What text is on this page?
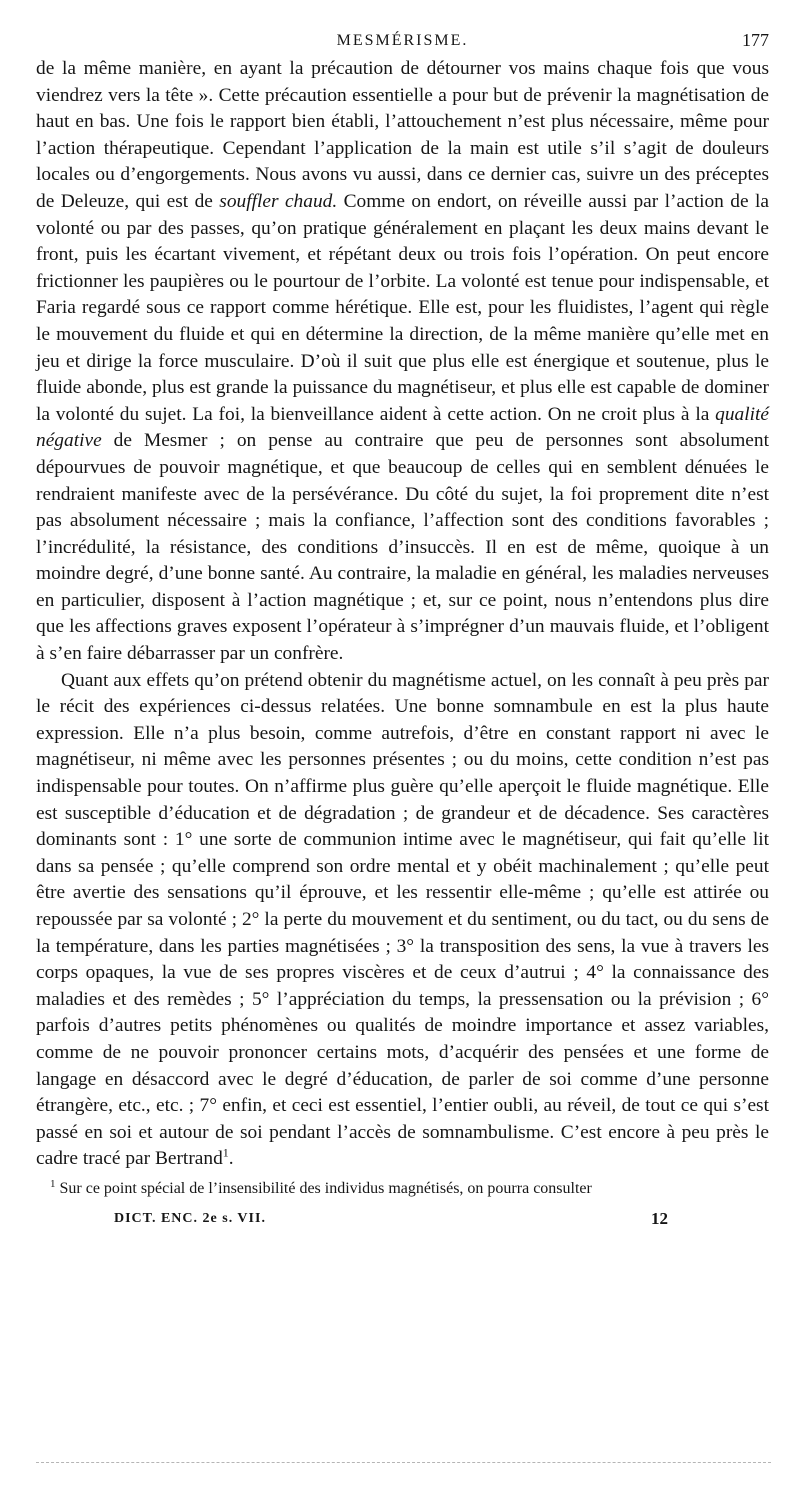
MESMÉRISME.	177

de la même manière, en ayant la précaution de détourner vos mains chaque fois que vous viendrez vers la tête ». Cette précaution essentielle a pour but de prévenir la magnétisation de haut en bas. Une fois le rapport bien établi, l’attouchement n’est plus nécessaire, même pour l’action thérapeutique. Cependant l’application de la main est utile s’il s’agit de douleurs locales ou d’engorgements. Nous avons vu aussi, dans ce dernier cas, suivre un des préceptes de Deleuze, qui est de souffler chaud. Comme on endort, on réveille aussi par l’action de la volonté ou par des passes, qu’on pratique généralement en plaçant les deux mains devant le front, puis les écartant vivement, et répétant deux ou trois fois l’opération. On peut encore frictionner les paupières ou le pourtour de l’orbite. La volonté est tenue pour indispensable, et Faria regardé sous ce rapport comme hérétique. Elle est, pour les fluidistes, l’agent qui règle le mouvement du fluide et qui en détermine la direction, de la même manière qu’elle met en jeu et dirige la force musculaire. D’où il suit que plus elle est énergique et soutenue, plus le fluide abonde, plus est grande la puissance du magnétiseur, et plus elle est capable de dominer la volonté du sujet. La foi, la bienveillance aident à cette action. On ne croit plus à la qualité négative de Mesmer ; on pense au contraire que peu de personnes sont absolument dépourvues de pouvoir magnétique, et que beaucoup de celles qui en semblent dénuées le rendraient manifeste avec de la persévérance. Du côté du sujet, la foi proprement dite n’est pas absolument nécessaire ; mais la confiance, l’affection sont des conditions favorables ; l’incrédulité, la résistance, des conditions d’insuccès. Il en est de même, quoique à un moindre degré, d’une bonne santé. Au contraire, la maladie en général, les maladies nerveuses en particulier, disposent à l’action magnétique ; et, sur ce point, nous n’entendons plus dire que les affections graves exposent l’opérateur à s’imprégner d’un mauvais fluide, et l’obligent à s’en faire débarrasser par un confrère.

Quant aux effets qu’on prétend obtenir du magnétisme actuel, on les connaît à peu près par le récit des expériences ci-dessus relatées. Une bonne somnambule en est la plus haute expression. Elle n’a plus besoin, comme autrefois, d’être en constant rapport ni avec le magnétiseur, ni même avec les personnes présentes ; ou du moins, cette condition n’est pas indispensable pour toutes. On n’affirme plus guère qu’elle aperçoit le fluide magnétique. Elle est susceptible d’éducation et de dégradation ; de grandeur et de décadence. Ses caractères dominants sont : 1° une sorte de communion intime avec le magnétiseur, qui fait qu’elle lit dans sa pensée ; qu’elle comprend son ordre mental et y obéit machinalement ; qu’elle peut être avertie des sensations qu’il éprouve, et les ressentir elle-même ; qu’elle est attirée ou repoussée par sa volonté ; 2° la perte du mouvement et du sentiment, ou du tact, ou du sens de la température, dans les parties magnétisées ; 3° la transposition des sens, la vue à travers les corps opaques, la vue de ses propres viscères et de ceux d’autrui ; 4° la connaissance des maladies et des remèdes ; 5° l’appréciation du temps, la pressensation ou la prévision ; 6° parfois d’autres petits phénomènes ou qualités de moindre importance et assez variables, comme de ne pouvoir prononcer certains mots, d’acquérir des pensées et une forme de langage en désaccord avec le degré d’éducation, de parler de soi comme d’une personne étrangère, etc., etc. ; 7° enfin, et ceci est essentiel, l’entier oubli, au réveil, de tout ce qui s’est passé en soi et autour de soi pendant l’accès de somnambulisme. C’est encore à peu près le cadre tracé par Bertrand$^1$.

$^1$ Sur ce point spécial de l’insensibilité des individus magnétisés, on pourra consulter
DICT. ENC. 2e s. VII.	12
